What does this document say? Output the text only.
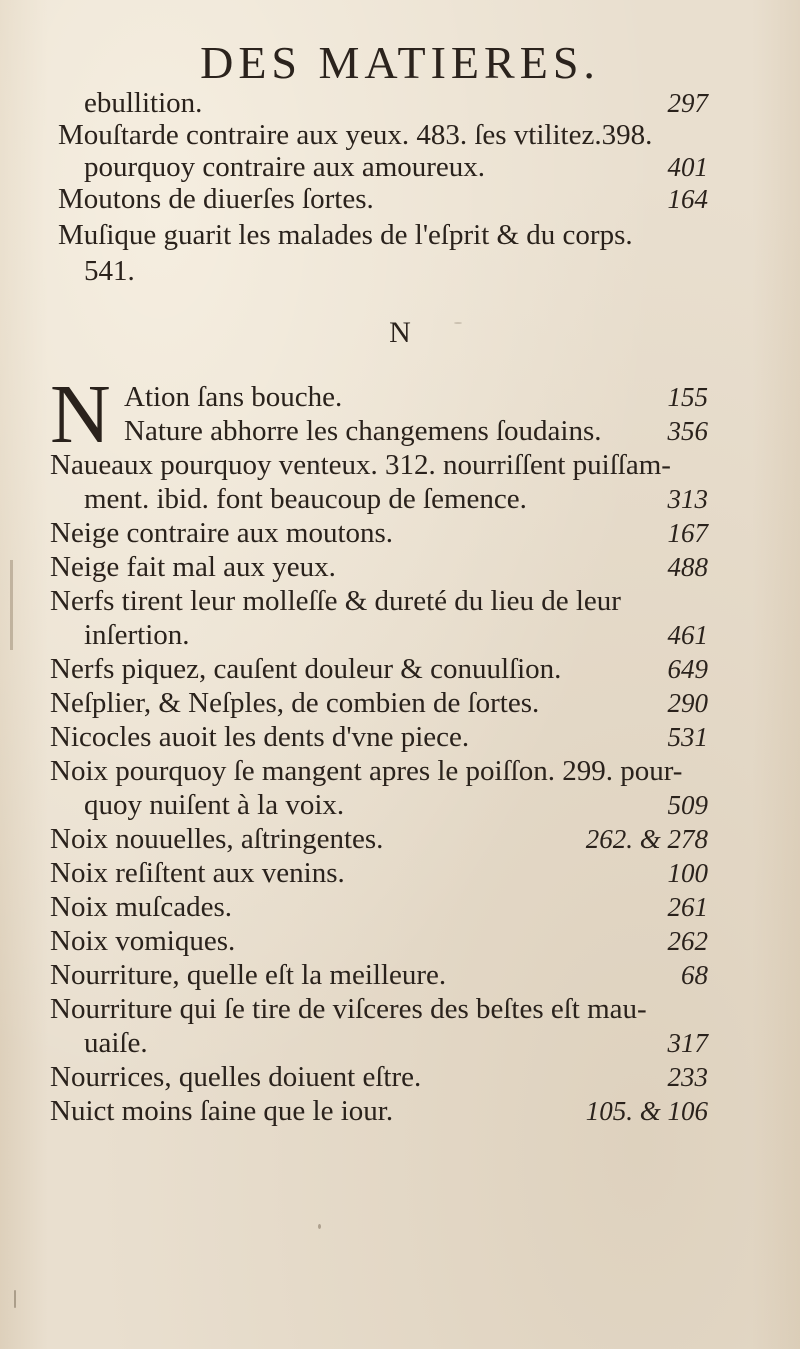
DES MATIERES.
ebullition.	297
Mouſtarde contraire aux yeux. 483. ſes vtilitez.398.
pourquoy contraire aux amoureux.	401
Moutons de diuerſes ſortes.	164
Muſique guarit les malades de l'eſprit & du corps.
541.
N
N Ation ſans bouche.	155
Nature abhorre les changemens ſoudains.	356
Naueaux pourquoy venteux. 312. nourriſſent puiſſam-
ment. ibid. font beaucoup de ſemence.	313
Neige contraire aux moutons.	167
Neige fait mal aux yeux.	488
Nerfs tirent leur molleſſe & dureté du lieu de leur
inſertion.	461
Nerfs piquez, cauſent douleur & conuulſion.	649
Neſplier, & Neſples, de combien de ſortes.	290
Nicocles auoit les dents d'vne piece.	531
Noix pourquoy ſe mangent apres le poiſſon. 299. pour-
quoy nuiſent à la voix.	509
Noix nouuelles, aſtringentes.	262. & 278
Noix reſiſtent aux venins.	100
Noix muſcades.	261
Noix vomiques.	262
Nourriture, quelle eſt la meilleure.	68
Nourriture qui ſe tire de viſceres des beſtes eſt mau-
uaiſe.	317
Nourrices, quelles doiuent eſtre.	233
Nuict moins ſaine que le iour.	105. & 106
